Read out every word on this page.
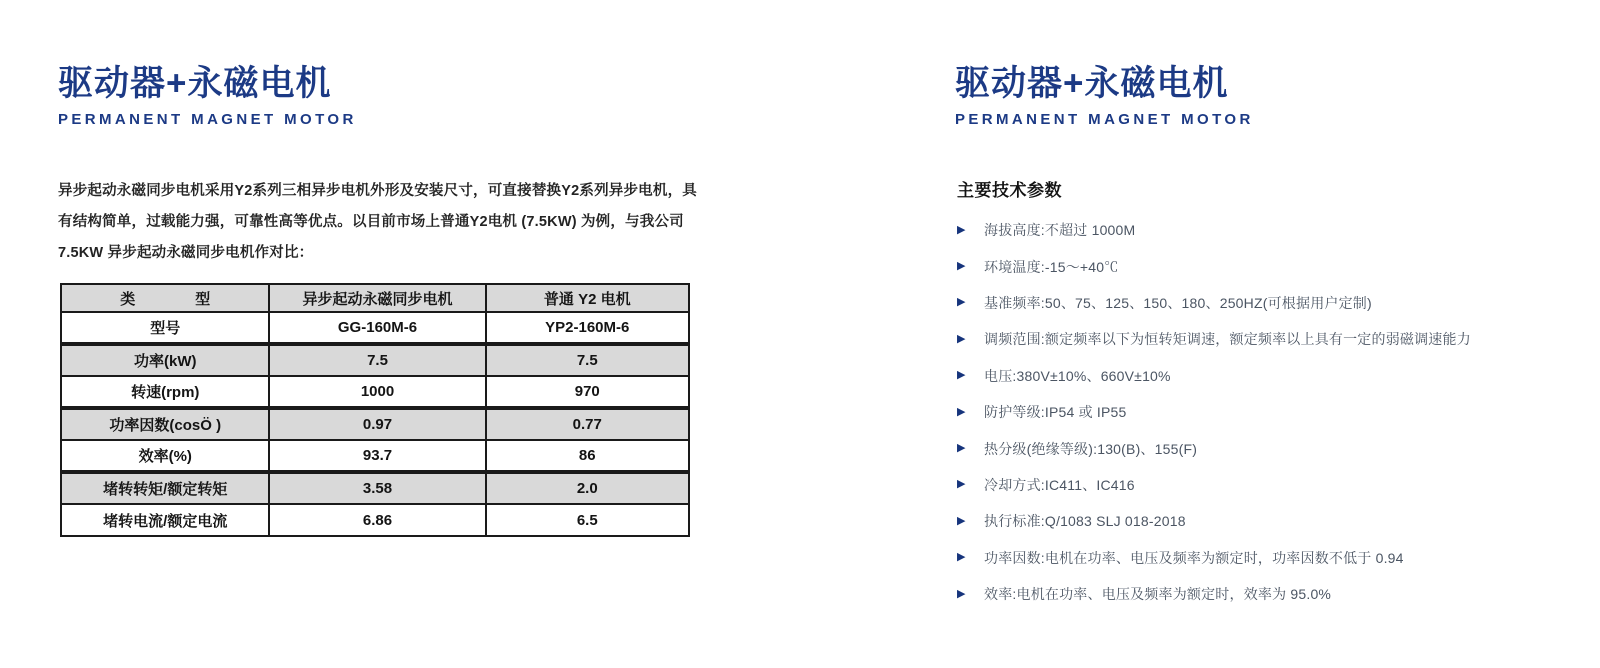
驱动器+永磁电机
PERMANENT MAGNET MOTOR
异步起动永磁同步电机采用Y2系列三相异步电机外形及安装尺寸，可直接替换Y2系列异步电机，具
有结构简单，过载能力强，可靠性高等优点。以目前市场上普通Y2电机 (7.5KW) 为例，与我公司
7.5KW 异步起动永磁同步电机作对比：
类　　　　型	异步起动永磁同步电机	普通 Y2 电机
型号	GG-160M-6	YP2-160M-6
功率(kW)	7.5	7.5
转速(rpm)	1000	970
功率因数(cosÖ )	0.97	0.77
效率(%)	93.7	86
堵转转矩/额定转矩	3.58	2.0
堵转电流/额定电流	6.86	6.5
驱动器+永磁电机
PERMANENT MAGNET MOTOR
主要技术参数
▶	海拔高度:不超过 1000M
▶	环境温度:-15～+40℃
▶	基准频率:50、75、125、150、180、250HZ(可根据用户定制)
▶	调频范围:额定频率以下为恒转矩调速，额定频率以上具有一定的弱磁调速能力
▶	电压:380V±10%、660V±10%
▶	防护等级:IP54 或 IP55
▶	热分级(绝缘等级):130(B)、155(F)
▶	冷却方式:IC411、IC416
▶	执行标准:Q/1083 SLJ 018-2018
▶	功率因数:电机在功率、电压及频率为额定时，功率因数不低于 0.94
▶	效率:电机在功率、电压及频率为额定时，效率为 95.0%
